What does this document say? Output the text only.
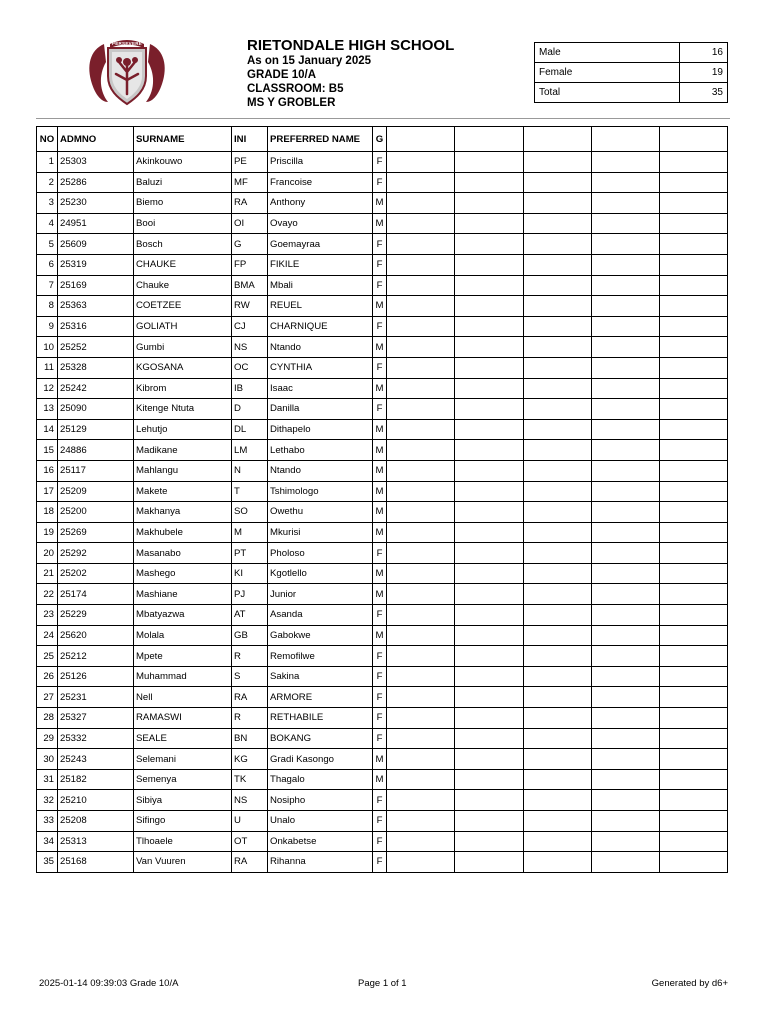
PERSEVERE	RIETONDALE HIGH SCHOOL
As on 15 January 2025
GRADE 10/A
CLASSROOM: B5
MS Y GROBLER
Male	16
Female	19
Total	35
NO	ADMNO	SURNAME	INI	PREFERRED NAME	G					
1	25303	Akinkouwo	PE	Priscilla	F					
2	25286	Baluzi	MF	Francoise	F					
3	25230	Biemo	RA	Anthony	M					
4	24951	Booi	OI	Ovayo	M					
5	25609	Bosch	G	Goemayraa	F					
6	25319	CHAUKE	FP	FIKILE	F					
7	25169	Chauke	BMA	Mbali	F					
8	25363	COETZEE	RW	REUEL	M					
9	25316	GOLIATH	CJ	CHARNIQUE	F					
10	25252	Gumbi	NS	Ntando	M					
11	25328	KGOSANA	OC	CYNTHIA	F					
12	25242	Kibrom	IB	Isaac	M					
13	25090	Kitenge Ntuta	D	Danilla	F					
14	25129	Lehutjo	DL	Dithapelo	M					
15	24886	Madikane	LM	Lethabo	M					
16	25117	Mahlangu	N	Ntando	M					
17	25209	Makete	T	Tshimologo	M					
18	25200	Makhanya	SO	Owethu	M					
19	25269	Makhubele	M	Mkurisi	M					
20	25292	Masanabo	PT	Pholoso	F					
21	25202	Mashego	KI	Kgotlello	M					
22	25174	Mashiane	PJ	Junior	M					
23	25229	Mbatyazwa	AT	Asanda	F					
24	25620	Molala	GB	Gabokwe	M					
25	25212	Mpete	R	Remofilwe	F					
26	25126	Muhammad	S	Sakina	F					
27	25231	Nell	RA	ARMORE	F					
28	25327	RAMASWI	R	RETHABILE	F					
29	25332	SEALE	BN	BOKANG	F					
30	25243	Selemani	KG	Gradi Kasongo	M					
31	25182	Semenya	TK	Thagalo	M					
32	25210	Sibiya	NS	Nosipho	F					
33	25208	Sifingo	U	Unalo	F					
34	25313	Tlhoaele	OT	Onkabetse	F					
35	25168	Van Vuuren	RA	Rihanna	F					
2025-01-14 09:39:03 Grade 10/A	Page 1 of 1	Generated by d6+
